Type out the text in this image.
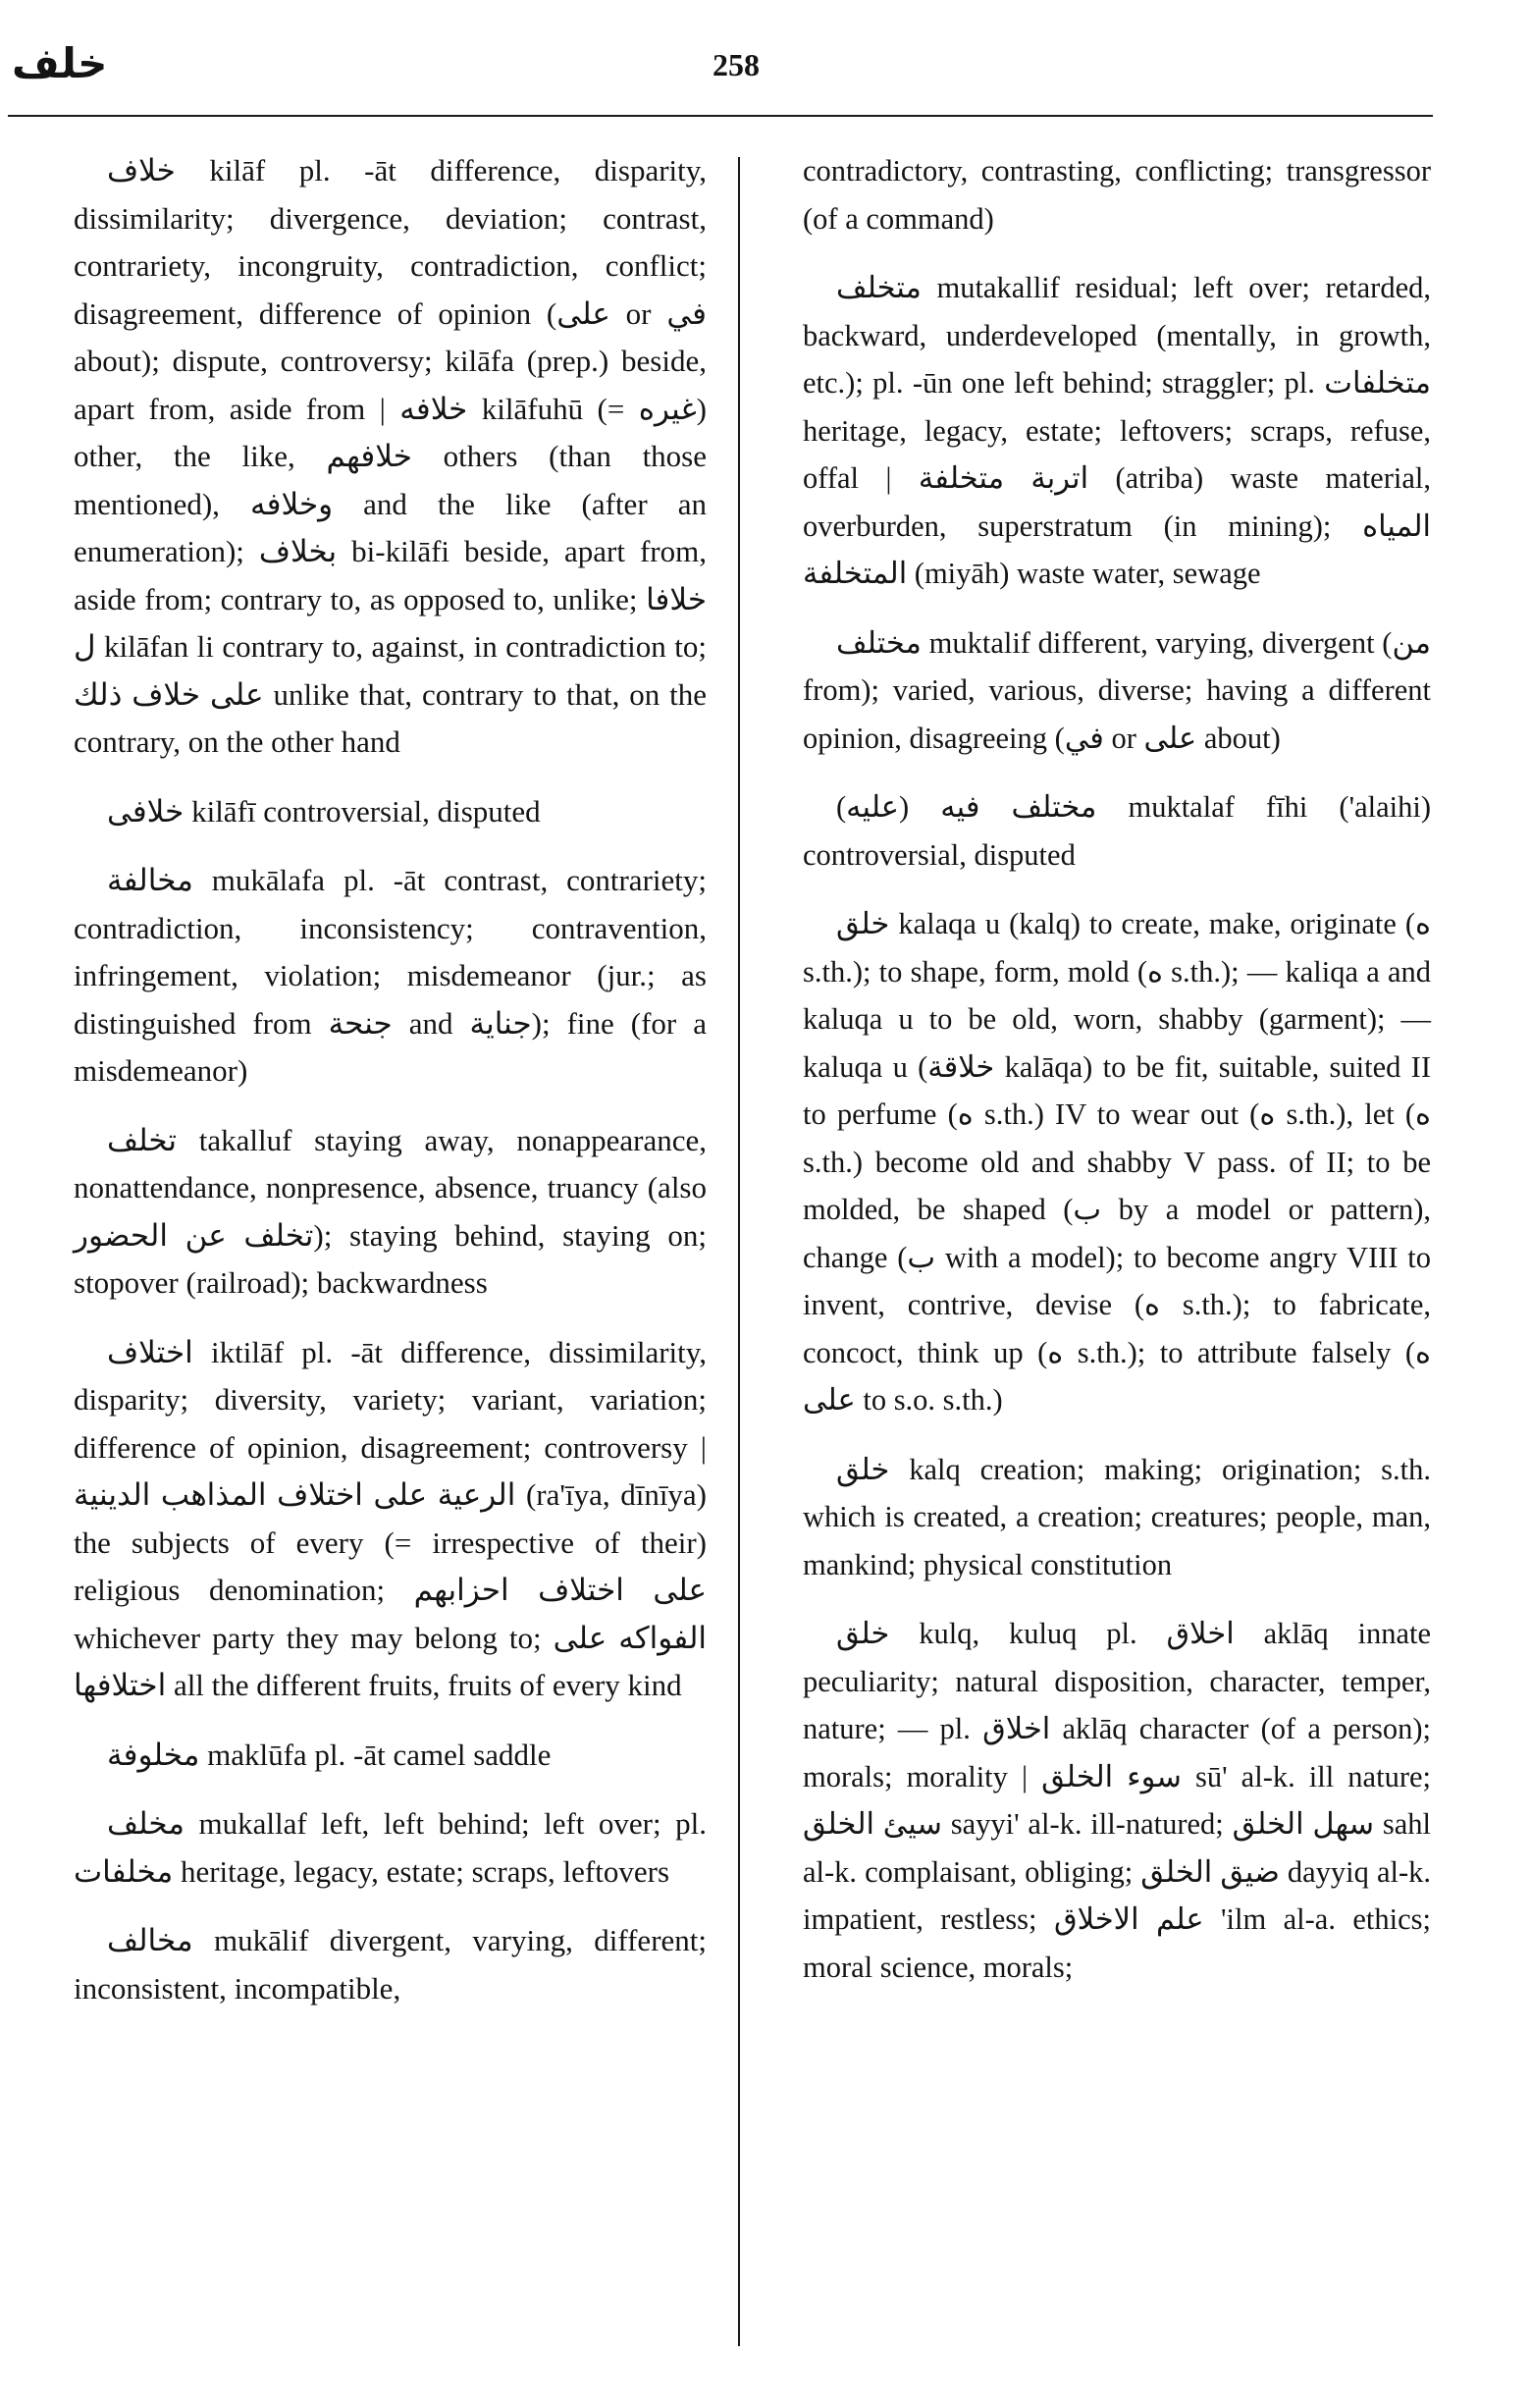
خلف	258

خلاف kilāf pl. -āt difference, disparity, dissimilarity; divergence, deviation; contrast, contrariety, incongruity, contradiction, conflict; disagreement, difference of opinion (على or في about); dispute, controversy; kilāfa (prep.) beside, apart from, aside from | خلافه kilāfuhū (= غيره) other, the like, خلافهم others (than those mentioned), وخلافه and the like (after an enumeration); بخلاف bi-kilāfi beside, apart from, aside from; contrary to, as opposed to, unlike; خلافا ل kilāfan li contrary to, against, in contradiction to; على خلاف ذلك unlike that, contrary to that, on the contrary, on the other hand

خلافى kilāfī controversial, disputed

مخالفة mukālafa pl. -āt contrast, contrariety; contradiction, inconsistency; contravention, infringement, violation; misdemeanor (jur.; as distinguished from جنحة and جناية); fine (for a misdemeanor)

تخلف takalluf staying away, nonappearance, nonattendance, nonpresence, absence, truancy (also تخلف عن الحضور); staying behind, staying on; stopover (railroad); backwardness

اختلاف iktilāf pl. -āt difference, dissimilarity, disparity; diversity, variety; variant, variation; difference of opinion, disagreement; controversy | الرعية على اختلاف المذاهب الدينية (ra'īya, dīnīya) the subjects of every (= irrespective of their) religious denomination; على اختلاف احزابهم whichever party they may belong to; الفواكه على اختلافها all the different fruits, fruits of every kind

مخلوفة maklūfa pl. -āt camel saddle

مخلف mukallaf left, left behind; left over; pl. مخلفات heritage, legacy, estate; scraps, leftovers

مخالف mukālif divergent, varying, different; inconsistent, incompatible,

contradictory, contrasting, conflicting; transgressor (of a command)

متخلف mutakallif residual; left over; retarded, backward, underdeveloped (mentally, in growth, etc.); pl. -ūn one left behind; straggler; pl. متخلفات heritage, legacy, estate; leftovers; scraps, refuse, offal | اتربة متخلفة (atriba) waste material, overburden, superstratum (in mining); المياه المتخلفة (miyāh) waste water, sewage

مختلف muktalif different, varying, divergent (من from); varied, various, diverse; having a different opinion, disagreeing (في or على about)

مختلف فيه (عليه) muktalaf fīhi ('alaihi) controversial, disputed

خلق kalaqa u (kalq) to create, make, originate (ه s.th.); to shape, form, mold (ه s.th.); — kaliqa a and kaluqa u to be old, worn, shabby (garment); — kaluqa u (خلاقة kalāqa) to be fit, suitable, suited II to perfume (ه s.th.) IV to wear out (ه s.th.), let (ه s.th.) become old and shabby V pass. of II; to be molded, be shaped (ب by a model or pattern), change (ب with a model); to become angry VIII to invent, contrive, devise (ه s.th.); to fabricate, concoct, think up (ه s.th.); to attribute falsely (ه على to s.o. s.th.)

خلق kalq creation; making; origination; s.th. which is created, a creation; creatures; people, man, mankind; physical constitution

خلق kulq, kuluq pl. اخلاق aklāq innate peculiarity; natural disposition, character, temper, nature; — pl. اخلاق aklāq character (of a person); morals; morality | سوء الخلق sū' al-k. ill nature; سيئ الخلق sayyi' al-k. ill-natured; سهل الخلق sahl al-k. complaisant, obliging; ضيق الخلق dayyiq al-k. impatient, restless; علم الاخلاق 'ilm al-a. ethics; moral science, morals;
